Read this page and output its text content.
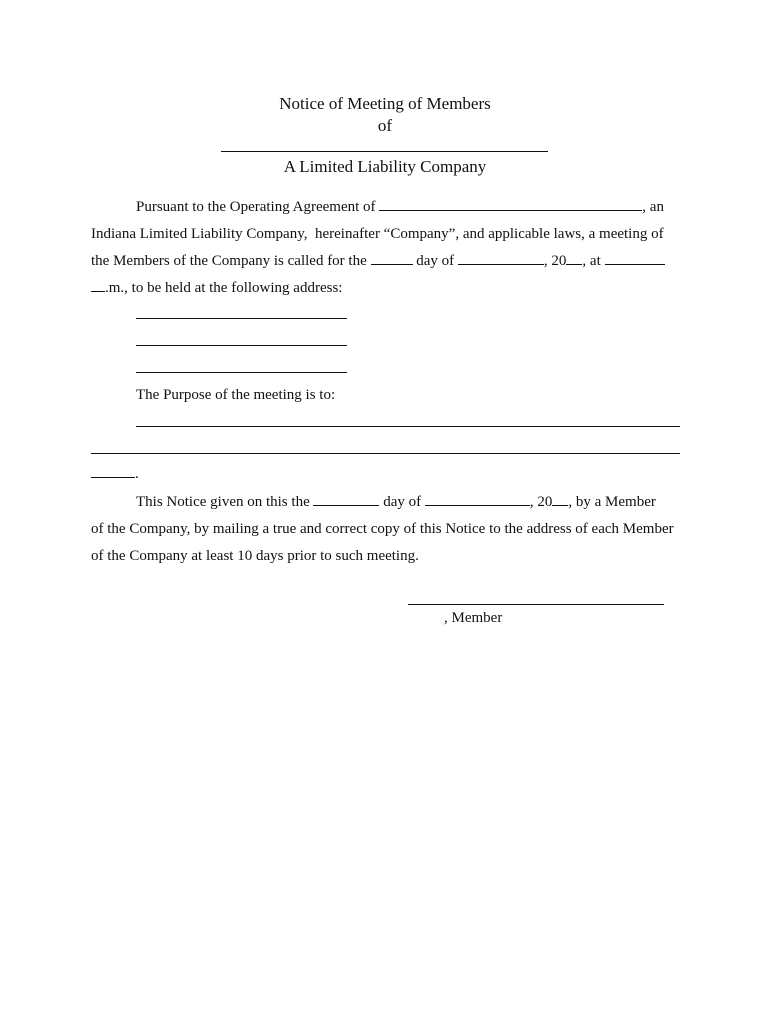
Notice of Meeting of Members
of
A Limited Liability Company
Pursuant to the Operating Agreement of	, an
Indiana Limited Liability Company,  hereinafter “Company”, and applicable laws, a meeting of
the Members of the Company is called for the	day of	, 20 , at
.m., to be held at the following address:
The Purpose of the meeting is to:
.
This Notice given on this the	day of	, 20 , by a Member
of the Company, by mailing a true and correct copy of this Notice to the address of each Member
of the Company at least 10 days prior to such meeting.
, Member
